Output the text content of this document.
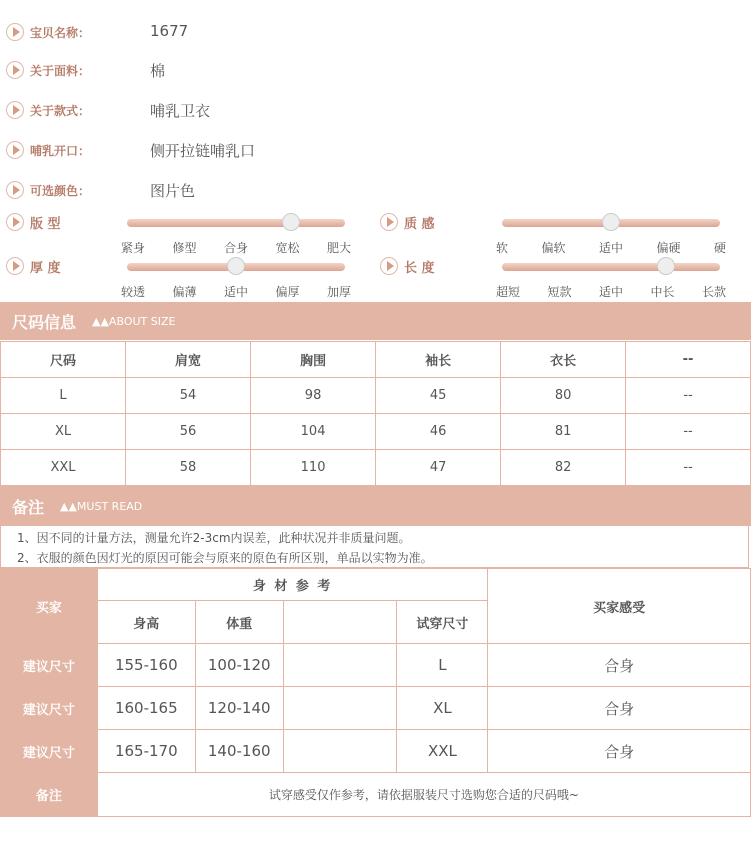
宝贝名称：	1677
关于面料：	棉
关于款式：	哺乳卫衣
哺乳开口：	侧开拉链哺乳口
可选颜色：	图片色
版 型
紧身 修型 合身 宽松 肥大
质 感
软	偏软	适中	偏硬	硬
厚 度
较透 偏薄 适中 偏厚 加厚
长 度
超短 短款 适中 中长 长款
尺码信息 ▲▲ABOUT SIZE
尺码	肩宽	胸围	袖长	衣长	--
L	54	98	45	80	--
XL	56	104	46	81	--
XXL	58	110	47	82	--
备注 ▲▲MUST READ
1、因不同的计量方法，测量允许2-3cm内误差，此种状况并非质量问题。
2、衣服的颜色因灯光的原因可能会与原来的原色有所区别，单品以实物为准。
买家	身 材 参 考				买家感受
	身高	体重		试穿尺寸	
建议尺寸	155-160	100-120		L	合身
建议尺寸	160-165	120-140		XL	合身
建议尺寸	165-170	140-160		XXL	合身
备注	试穿感受仅作参考，请依据服装尺寸选购您合适的尺码哦~				
